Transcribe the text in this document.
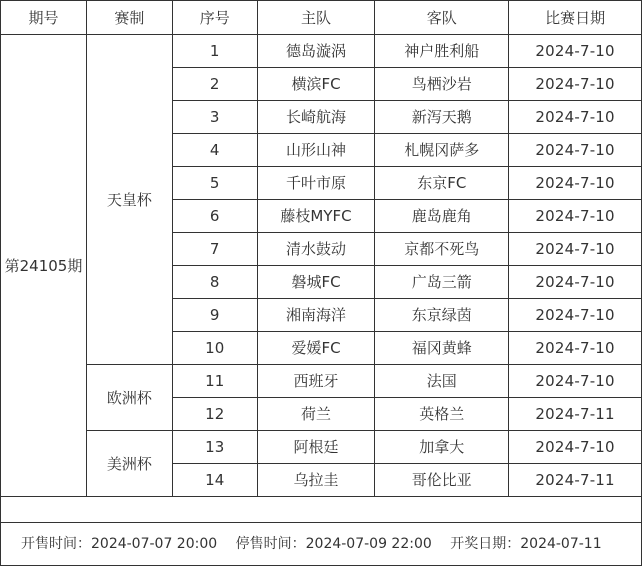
期号	赛制	序号	主队	客队	比赛日期
第24105期	天皇杯	1	德岛漩涡	神户胜利船	2024-7-10
		2	横滨FC	鸟栖沙岩	2024-7-10
		3	长崎航海	新泻天鹅	2024-7-10
		4	山形山神	札幌冈萨多	2024-7-10
		5	千叶市原	东京FC	2024-7-10
		6	藤枝MYFC	鹿岛鹿角	2024-7-10
		7	清水鼓动	京都不死鸟	2024-7-10
		8	磐城FC	广岛三箭	2024-7-10
		9	湘南海洋	东京绿茵	2024-7-10
		10	爱媛FC	福冈黄蜂	2024-7-10
	欧洲杯	11	西班牙	法国	2024-7-10
		12	荷兰	英格兰	2024-7-11
	美洲杯	13	阿根廷	加拿大	2024-7-10
		14	乌拉圭	哥伦比亚	2024-7-11

开售时间：2024-07-07 20:00 停售时间：2024-07-09 22:00 开奖日期：2024-07-11					
